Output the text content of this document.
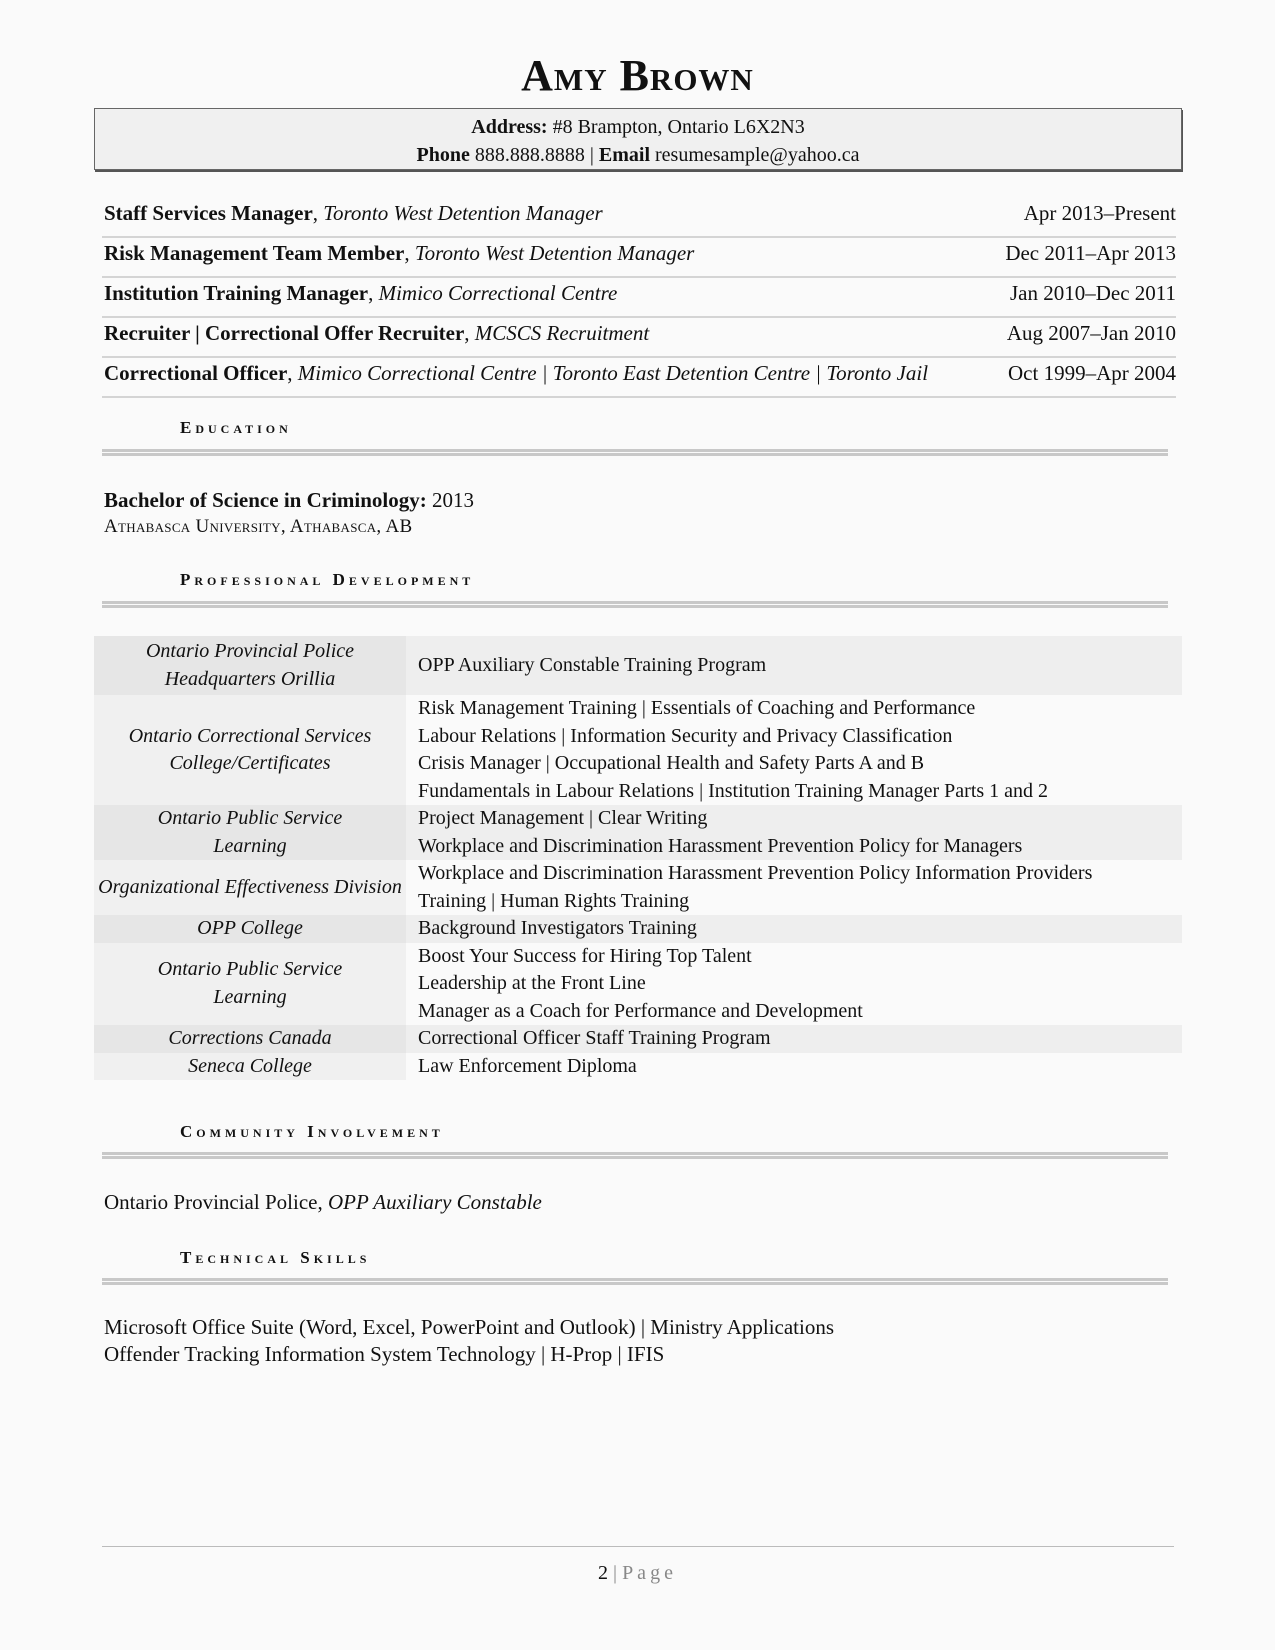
Amy Brown
Address: #8 Brampton, Ontario L6X2N3
Phone 888.888.8888 | Email resumesample@yahoo.ca
Staff Services Manager, Toronto West Detention Manager	Apr 2013–Present
Risk Management Team Member, Toronto West Detention Manager	Dec 2011–Apr 2013
Institution Training Manager, Mimico Correctional Centre	Jan 2010–Dec 2011
Recruiter | Correctional Offer Recruiter, MCSCS Recruitment	Aug 2007–Jan 2010
Correctional Officer, Mimico Correctional Centre | Toronto East Detention Centre | Toronto Jail	Oct 1999–Apr 2004
Education
Bachelor of Science in Criminology: 2013
Athabasca University, Athabasca, AB
Professional Development
Ontario Provincial Police Headquarters Orillia	OPP Auxiliary Constable Training Program

Ontario Correctional Services College/Certificates	Risk Management Training | Essentials of Coaching and Performance
Labour Relations | Information Security and Privacy Classification
Crisis Manager | Occupational Health and Safety Parts A and B
Fundamentals in Labour Relations | Institution Training Manager Parts 1 and 2

Ontario Public Service Learning	Project Management | Clear Writing
Workplace and Discrimination Harassment Prevention Policy for Managers

Organizational Effectiveness Division	Workplace and Discrimination Harassment Prevention Policy Information Providers
Training | Human Rights Training

OPP College	Background Investigators Training

Ontario Public Service Learning	Boost Your Success for Hiring Top Talent
Leadership at the Front Line
Manager as a Coach for Performance and Development

Corrections Canada	Correctional Officer Staff Training Program

Seneca College	Law Enforcement Diploma
Community Involvement
Ontario Provincial Police, OPP Auxiliary Constable
Technical Skills
Microsoft Office Suite (Word, Excel, PowerPoint and Outlook) | Ministry Applications
Offender Tracking Information System Technology | H-Prop | IFIS
2 | Page
